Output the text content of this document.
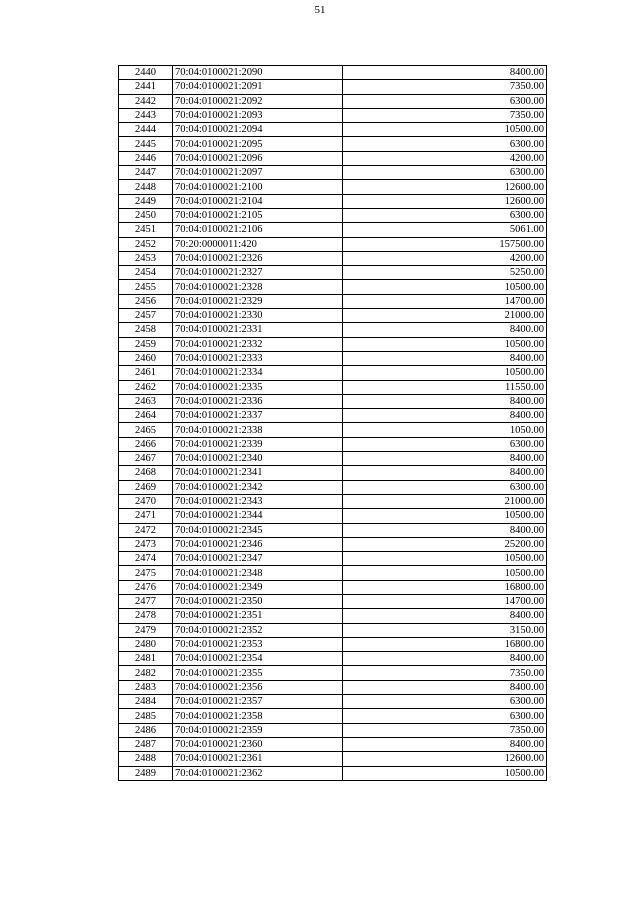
51
2440	70:04:0100021:2090	8400.00
2441	70:04:0100021:2091	7350.00
2442	70:04:0100021:2092	6300.00
2443	70:04:0100021:2093	7350.00
2444	70:04:0100021:2094	10500.00
2445	70:04:0100021:2095	6300.00
2446	70:04:0100021:2096	4200.00
2447	70:04:0100021:2097	6300.00
2448	70:04:0100021:2100	12600.00
2449	70:04:0100021:2104	12600.00
2450	70:04:0100021:2105	6300.00
2451	70:04:0100021:2106	5061.00
2452	70:20:0000011:420	157500.00
2453	70:04:0100021:2326	4200.00
2454	70:04:0100021:2327	5250.00
2455	70:04:0100021:2328	10500.00
2456	70:04:0100021:2329	14700.00
2457	70:04:0100021:2330	21000.00
2458	70:04:0100021:2331	8400.00
2459	70:04:0100021:2332	10500.00
2460	70:04:0100021:2333	8400.00
2461	70:04:0100021:2334	10500.00
2462	70:04:0100021:2335	11550.00
2463	70:04:0100021:2336	8400.00
2464	70:04:0100021:2337	8400.00
2465	70:04:0100021:2338	1050.00
2466	70:04:0100021:2339	6300.00
2467	70:04:0100021:2340	8400.00
2468	70:04:0100021:2341	8400.00
2469	70:04:0100021:2342	6300.00
2470	70:04:0100021:2343	21000.00
2471	70:04:0100021:2344	10500.00
2472	70:04:0100021:2345	8400.00
2473	70:04:0100021:2346	25200.00
2474	70:04:0100021:2347	10500.00
2475	70:04:0100021:2348	10500.00
2476	70:04:0100021:2349	16800.00
2477	70:04:0100021:2350	14700.00
2478	70:04:0100021:2351	8400.00
2479	70:04:0100021:2352	3150.00
2480	70:04:0100021:2353	16800.00
2481	70:04:0100021:2354	8400.00
2482	70:04:0100021:2355	7350.00
2483	70:04:0100021:2356	8400.00
2484	70:04:0100021:2357	6300.00
2485	70:04:0100021:2358	6300.00
2486	70:04:0100021:2359	7350.00
2487	70:04:0100021:2360	8400.00
2488	70:04:0100021:2361	12600.00
2489	70:04:0100021:2362	10500.00
